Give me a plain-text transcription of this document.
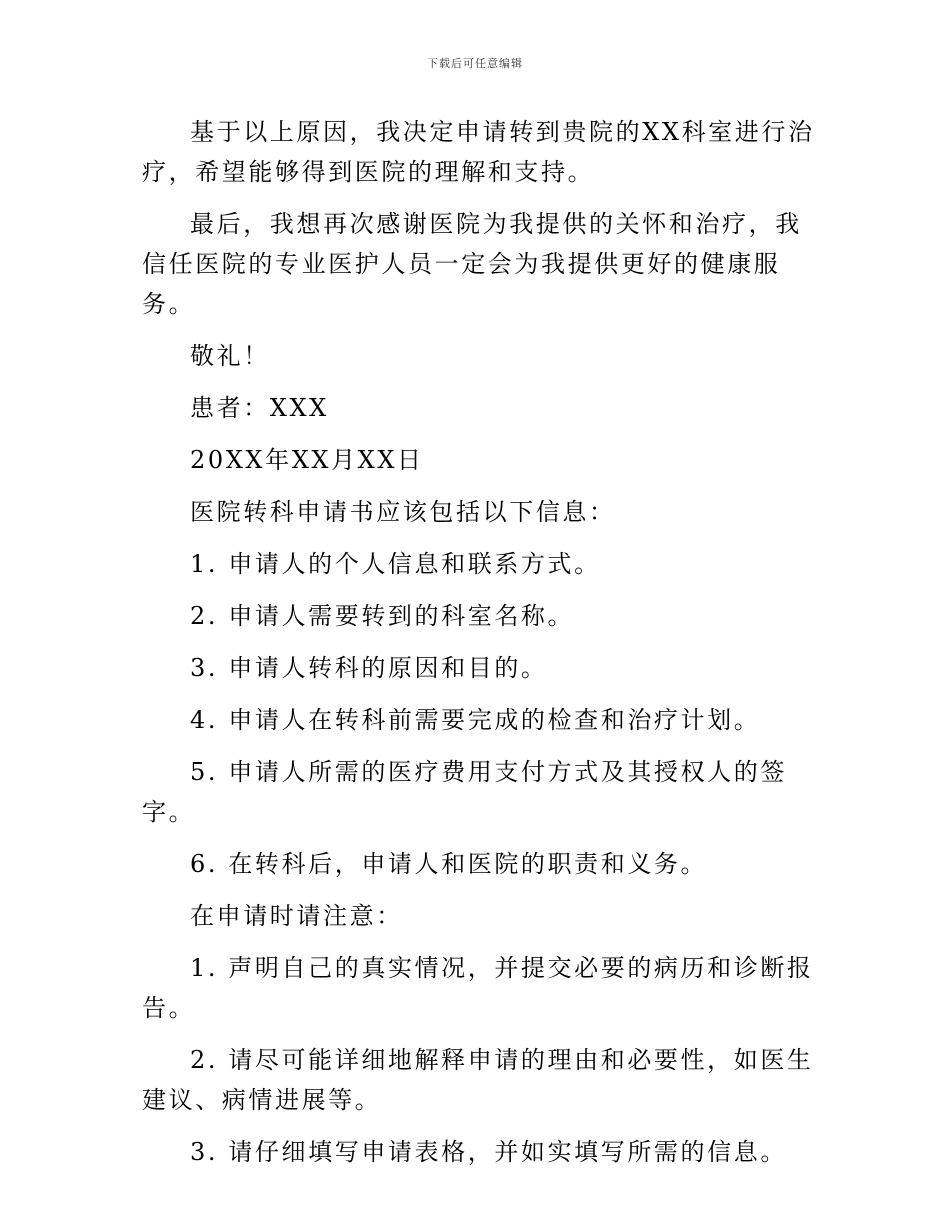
下载后可任意编辑

基于以上原因，我决定申请转到贵院的XX科室进行治疗，希望能够得到医院的理解和支持。

最后，我想再次感谢医院为我提供的关怀和治疗，我信任医院的专业医护人员一定会为我提供更好的健康服务。

敬礼！

患者：XXX

20XX年XX月XX日

医院转科申请书应该包括以下信息：

1. 申请人的个人信息和联系方式。

2. 申请人需要转到的科室名称。

3. 申请人转科的原因和目的。

4. 申请人在转科前需要完成的检查和治疗计划。

5. 申请人所需的医疗费用支付方式及其授权人的签字。

6. 在转科后，申请人和医院的职责和义务。

在申请时请注意：

1. 声明自己的真实情况，并提交必要的病历和诊断报告。

2. 请尽可能详细地解释申请的理由和必要性，如医生建议、病情进展等。

3. 请仔细填写申请表格，并如实填写所需的信息。
